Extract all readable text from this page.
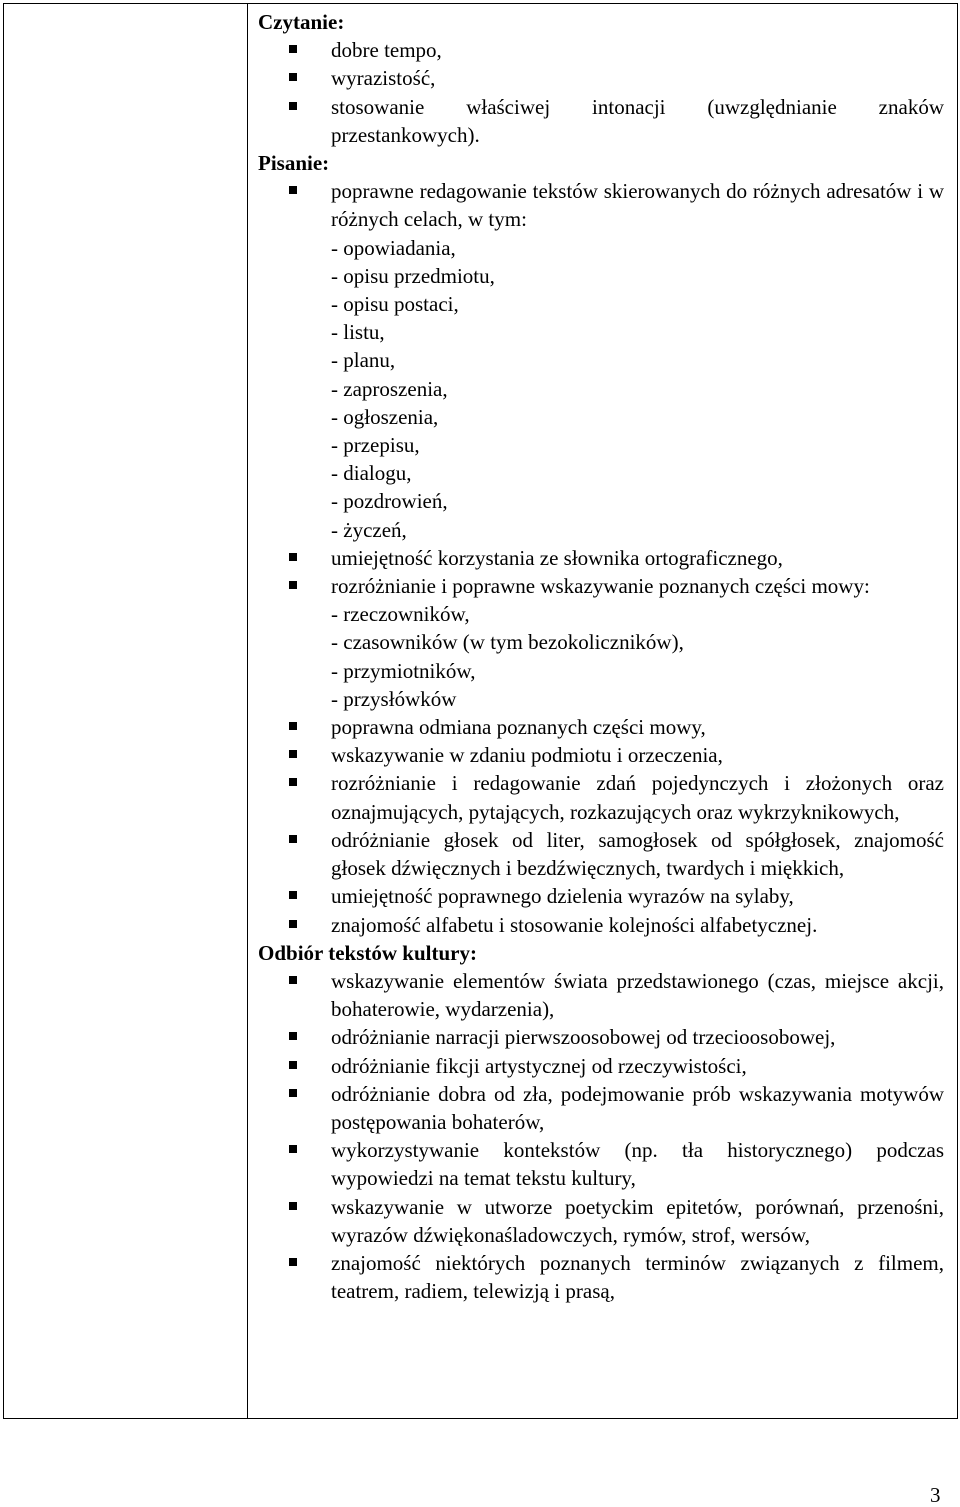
Czytanie:
dobre tempo,
wyrazistość,
stosowanie właściwej intonacji (uwzględnianie znaków przestankowych).
Pisanie:
poprawne redagowanie tekstów skierowanych do różnych adresatów i w różnych celach, w tym:
- opowiadania,
- opisu przedmiotu,
- opisu postaci,
- listu,
- planu,
- zaproszenia,
- ogłoszenia,
- przepisu,
- dialogu,
- pozdrowień,
- życzeń,
umiejętność korzystania ze słownika ortograficznego,
rozróżnianie i poprawne wskazywanie poznanych części mowy:
- rzeczowników,
- czasowników (w tym bezokoliczników),
- przymiotników,
- przysłówków
poprawna odmiana poznanych części mowy,
wskazywanie w zdaniu podmiotu i orzeczenia,
rozróżnianie i redagowanie zdań pojedynczych i złożonych oraz oznajmujących, pytających, rozkazujących oraz wykrzyknikowych,
odróżnianie głosek od liter, samogłosek od spółgłosek, znajomość głosek dźwięcznych i bezdźwięcznych, twardych i miękkich,
umiejętność poprawnego dzielenia wyrazów na sylaby,
znajomość alfabetu i stosowanie kolejności alfabetycznej.
Odbiór tekstów kultury:
wskazywanie elementów świata przedstawionego (czas, miejsce akcji, bohaterowie, wydarzenia),
odróżnianie narracji pierwszoosobowej od trzecioosobowej,
odróżnianie fikcji artystycznej od rzeczywistości,
odróżnianie dobra od zła, podejmowanie prób wskazywania motywów postępowania bohaterów,
wykorzystywanie kontekstów (np. tła historycznego) podczas wypowiedzi na temat tekstu kultury,
wskazywanie w utworze poetyckim epitetów, porównań, przenośni, wyrazów dźwiękonaśladowczych, rymów, strof, wersów,
znajomość niektórych poznanych terminów związanych z filmem, teatrem, radiem, telewizją i prasą,
3
